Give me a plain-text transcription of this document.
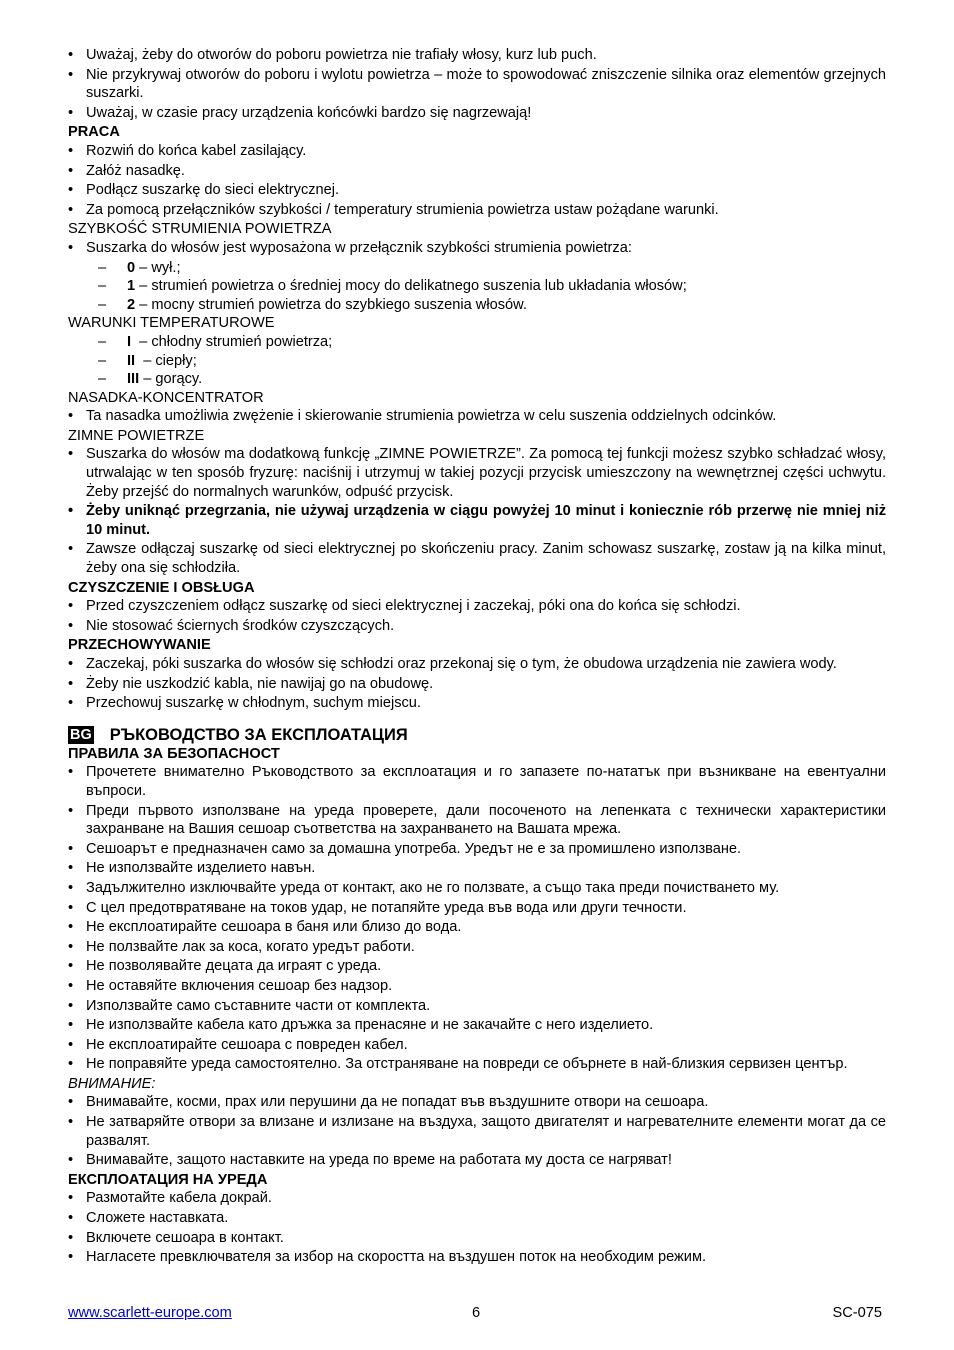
• Uważaj, żeby do otworów do poboru powietrza nie trafiały włosy, kurz lub puch.
• Nie przykrywaj otworów do poboru i wylotu powietrza – może to spowodować zniszczenie silnika oraz elementów grzejnych suszarki.
• Uważaj, w czasie pracy urządzenia końcówki bardzo się nagrzewają!

PRACA

• Rozwiń do końca kabel zasilający.
• Załóż nasadkę.
• Podłącz suszarkę do sieci elektrycznej.
• Za pomocą przełączników szybkości / temperatury strumienia powietrza ustaw pożądane warunki.

SZYBKOŚĆ STRUMIENIA POWIETRZA

• Suszarka do włosów jest wyposażona w przełącznik szybkości strumienia powietrza:
– 0 – wył.;
– 1 – strumień powietrza o średniej mocy do delikatnego suszenia lub układania włosów;
– 2 – mocny strumień powietrza do szybkiego suszenia włosów.

WARUNKI TEMPERATUROWE

– I  – chłodny strumień powietrza;
– II  – ciepły;
– III – gorący.

NASADKA-KONCENTRATOR

• Ta nasadka umożliwia zwężenie i skierowanie strumienia powietrza w celu suszenia oddzielnych odcinków.

ZIMNE POWIETRZE

• Suszarka do włosów ma dodatkową funkcję „ZIMNE POWIETRZE”. Za pomocą tej funkcji możesz szybko schładzać włosy, utrwalając w ten sposób fryzurę: naciśnij i utrzymuj w takiej pozycji przycisk umieszczony na wewnętrznej części uchwytu. Żeby przejść do normalnych warunków, odpuść przycisk.
• Żeby uniknąć przegrzania, nie używaj urządzenia w ciągu powyżej 10 minut i koniecznie rób przerwę nie mniej niż 10 minut.
• Zawsze odłączaj suszarkę od sieci elektrycznej po skończeniu pracy. Zanim schowasz suszarkę, zostaw ją na kilka minut, żeby ona się schłodziła.

CZYSZCZENIE I OBSŁUGA

• Przed czyszczeniem odłącz suszarkę od sieci elektrycznej i zaczekaj, póki ona do końca się schłodzi.
• Nie stosować ściernych środków czyszczących.

PRZECHOWYWANIE

• Zaczekaj, póki suszarka do włosów się schłodzi oraz przekonaj się o tym, że obudowa urządzenia nie zawiera wody.
• Żeby nie uszkodzić kabla, nie nawijaj go na obudowę.
• Przechowuj suszarkę w chłodnym, suchym miejscu.
BG РЪКОВОДСТВО ЗА ЕКСПЛОАТАЦИЯ

ПРАВИЛА ЗА БЕЗОПАСНОСТ

• Прочетете внимателно Ръководството за експлоатация и го запазете по-нататък при възникване на евентуални въпроси.
• Преди първото използване на уреда проверете, дали посоченото на лепенката с технически характеристики захранване на Вашия сешоар съответства на захранването на Вашата мрежа.
• Сешоарът е предназначен само за домашна употреба. Уредът не е за промишлено използване.
• Не използвайте изделието навън.
• Задължително изключвайте уреда от контакт, ако не го ползвате, а също така преди почистването му.
• С цел предотвратяване на токов удар, не потапяйте уреда във вода или други течности.
• Не експлоатирайте сешоара в баня или близо до вода.
• Не ползвайте лак за коса, когато уредът работи.
• Не позволявайте децата да играят с уреда.
• Не оставяйте включения сешоар без надзор.
• Използвайте само съставните части от комплекта.
• Не използвайте кабела като дръжка за пренасяне и не закачайте с него изделието.
• Не експлоатирайте сешоара с повреден кабел.
• Не поправяйте уреда самостоятелно. За отстраняване на повреди се обърнете в най-близкия сервизен център.

ВНИМАНИЕ:

• Внимавайте, косми, прах или перушини да не попадат във въздушните отвори на сешоара.
• Не затваряйте отвори за влизане и излизане на въздуха, защото двигателят и нагревателните елементи могат да се развалят.
• Внимавайте, защото наставките на уреда по време на работата му доста се нагряват!

ЕКСПЛОАТАЦИЯ НА УРЕДА

• Размотайте кабела докрай.
• Сложете наставката.
• Включете сешоара в контакт.
• Нагласете превключвателя за избор на скоростта на въздушен поток на необходим режим.
www.scarlett-europe.com	6	SC-075
